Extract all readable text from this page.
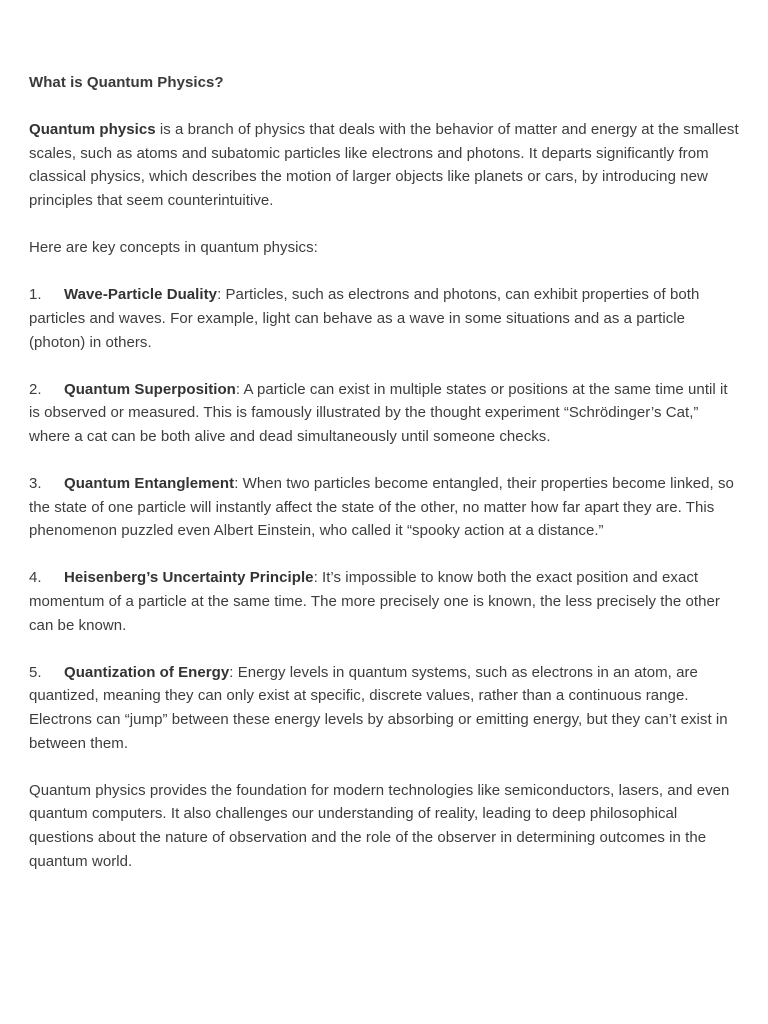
What is Quantum Physics?

Quantum physics is a branch of physics that deals with the behavior of matter and energy at the smallest scales, such as atoms and subatomic particles like electrons and photons. It departs significantly from classical physics, which describes the motion of larger objects like planets or cars, by introducing new principles that seem counterintuitive.

Here are key concepts in quantum physics:

1. Wave-Particle Duality: Particles, such as electrons and photons, can exhibit properties of both particles and waves. For example, light can behave as a wave in some situations and as a particle (photon) in others.

2. Quantum Superposition: A particle can exist in multiple states or positions at the same time until it is observed or measured. This is famously illustrated by the thought experiment “Schrödinger’s Cat,” where a cat can be both alive and dead simultaneously until someone checks.

3. Quantum Entanglement: When two particles become entangled, their properties become linked, so the state of one particle will instantly affect the state of the other, no matter how far apart they are. This phenomenon puzzled even Albert Einstein, who called it “spooky action at a distance.”

4. Heisenberg’s Uncertainty Principle: It’s impossible to know both the exact position and exact momentum of a particle at the same time. The more precisely one is known, the less precisely the other can be known.

5. Quantization of Energy: Energy levels in quantum systems, such as electrons in an atom, are quantized, meaning they can only exist at specific, discrete values, rather than a continuous range. Electrons can “jump” between these energy levels by absorbing or emitting energy, but they can’t exist in between them.

Quantum physics provides the foundation for modern technologies like semiconductors, lasers, and even quantum computers. It also challenges our understanding of reality, leading to deep philosophical questions about the nature of observation and the role of the observer in determining outcomes in the quantum world.
